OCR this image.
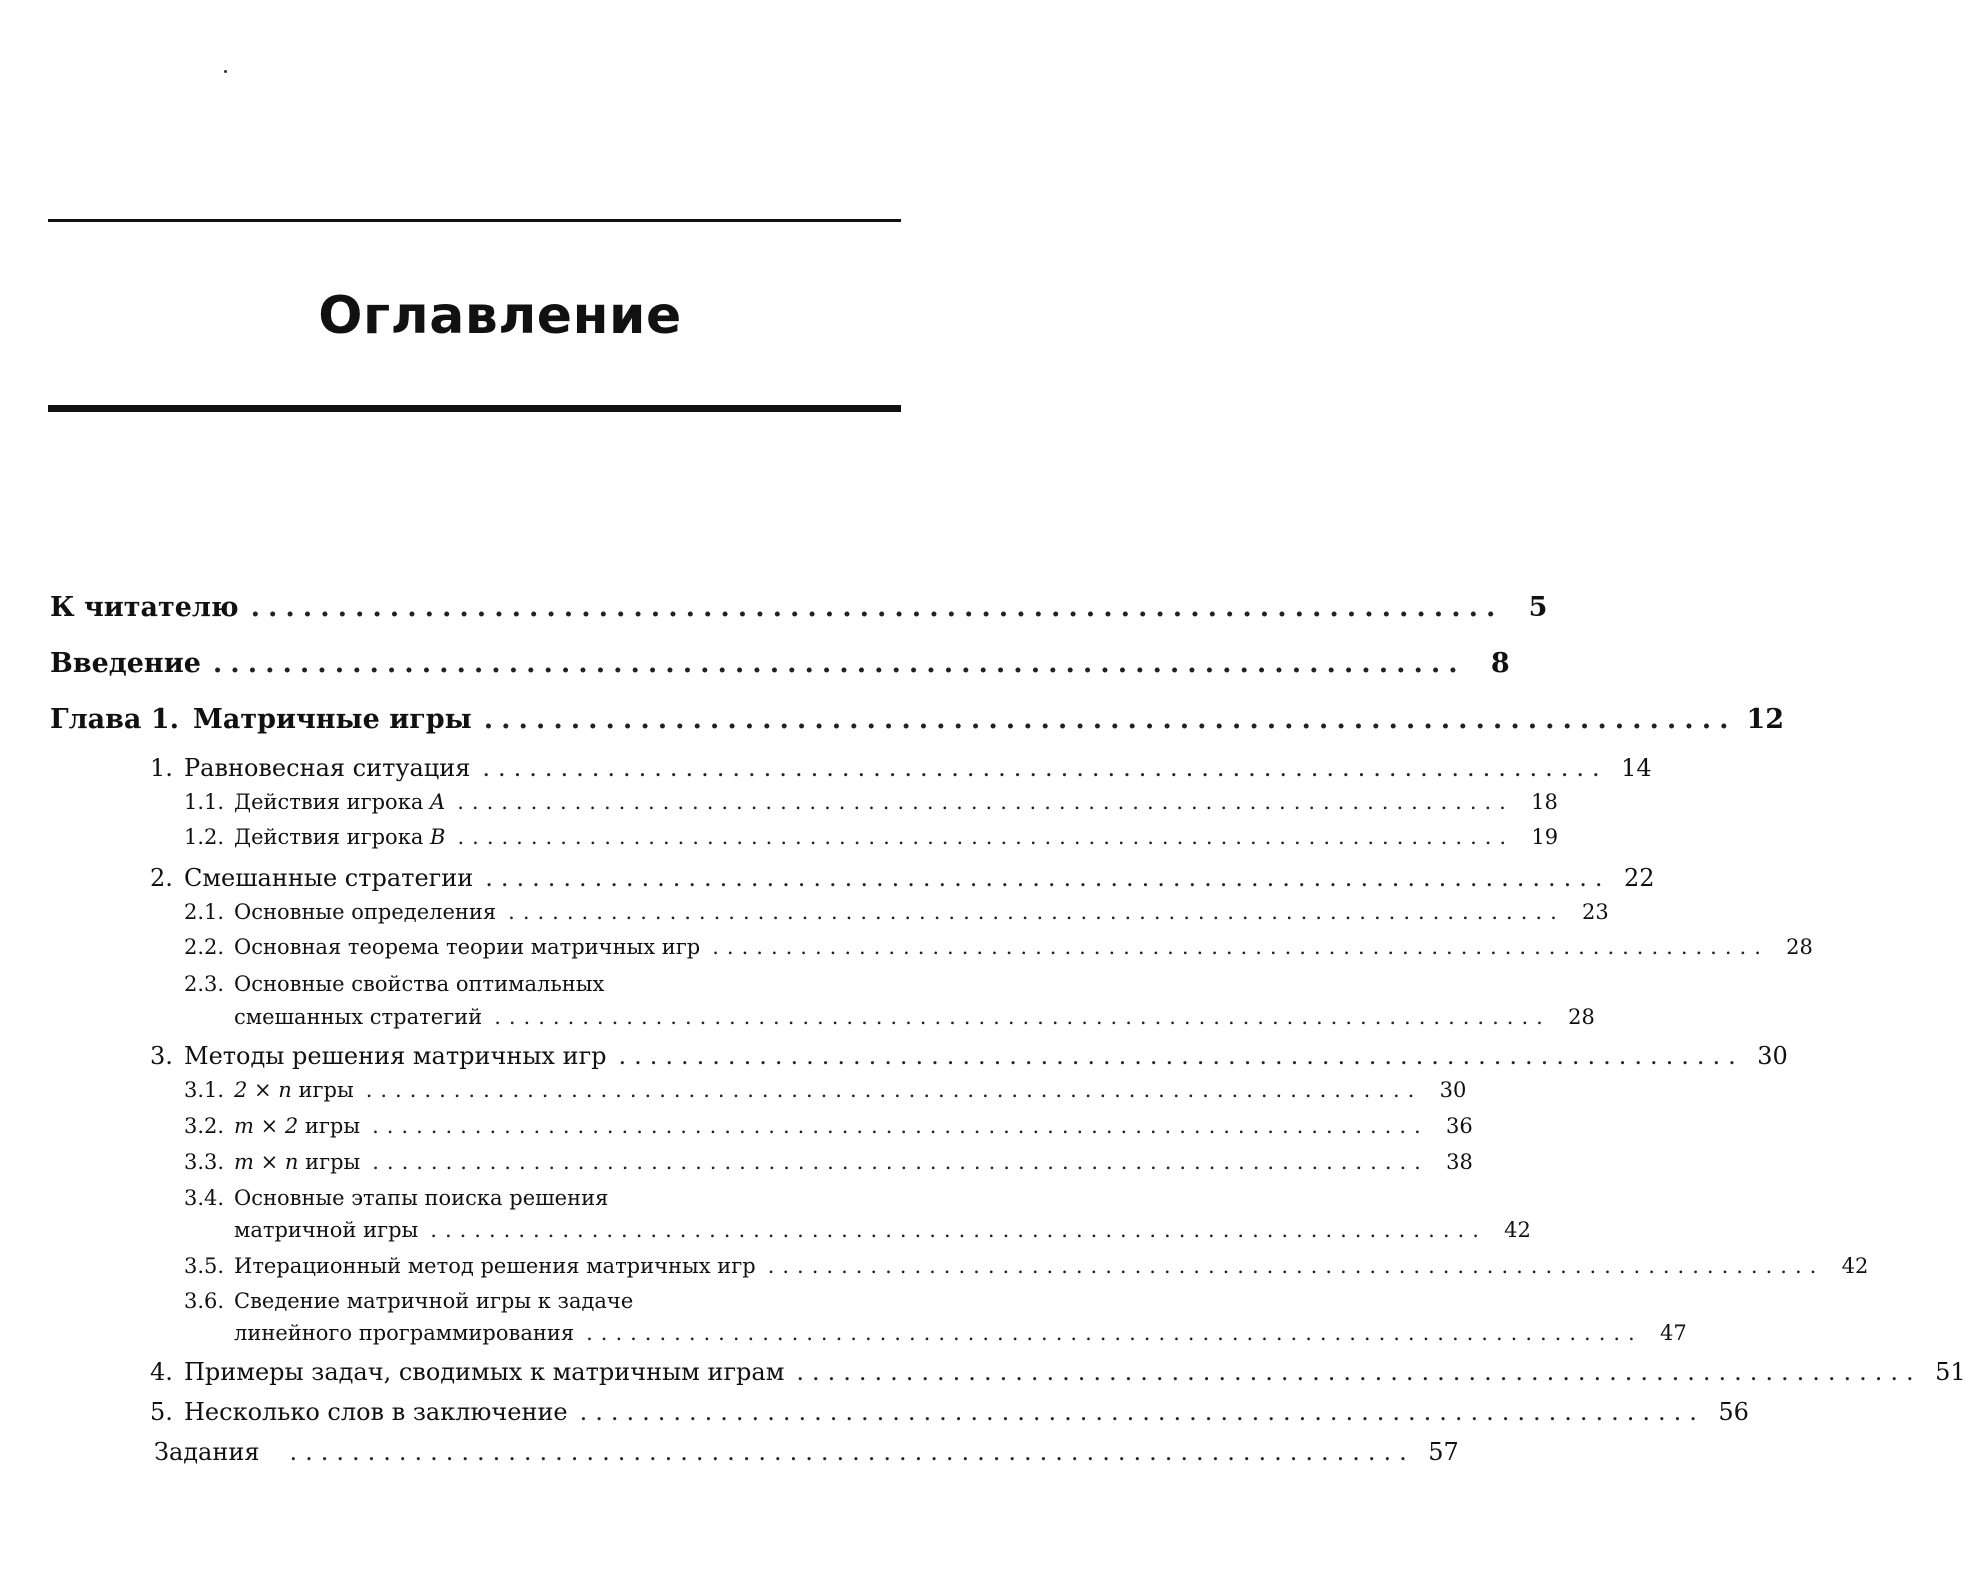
Оглавление
К читателю ........................................................................ 5
Введение ........................................................................ 8
Глава 1. Матричные игры ........................................................................ 12
1. Равновесная ситуация ........................................................................ 14
1.1. Действия игрока A ........................................................................ 18
1.2. Действия игрока B ........................................................................ 19
2. Смешанные стратегии ........................................................................ 22
2.1. Основные определения ........................................................................ 23
2.2. Основная теорема теории матричных игр ........................................................................ 28
2.3. Основные свойства оптимальных
смешанных стратегий ........................................................................ 28
3. Методы решения матричных игр ........................................................................ 30
3.1. 2 × n игры ........................................................................ 30
3.2. m × 2 игры ........................................................................ 36
3.3. m × n игры ........................................................................ 38
3.4. Основные этапы поиска решения
матричной игры ........................................................................ 42
3.5. Итерационный метод решения матричных игр ........................................................................ 42
3.6. Сведение матричной игры к задаче
линейного программирования ........................................................................ 47
4. Примеры задач, сводимых к матричным играм ........................................................................ 51
5. Несколько слов в заключение ........................................................................ 56
Задания ........................................................................ 57
